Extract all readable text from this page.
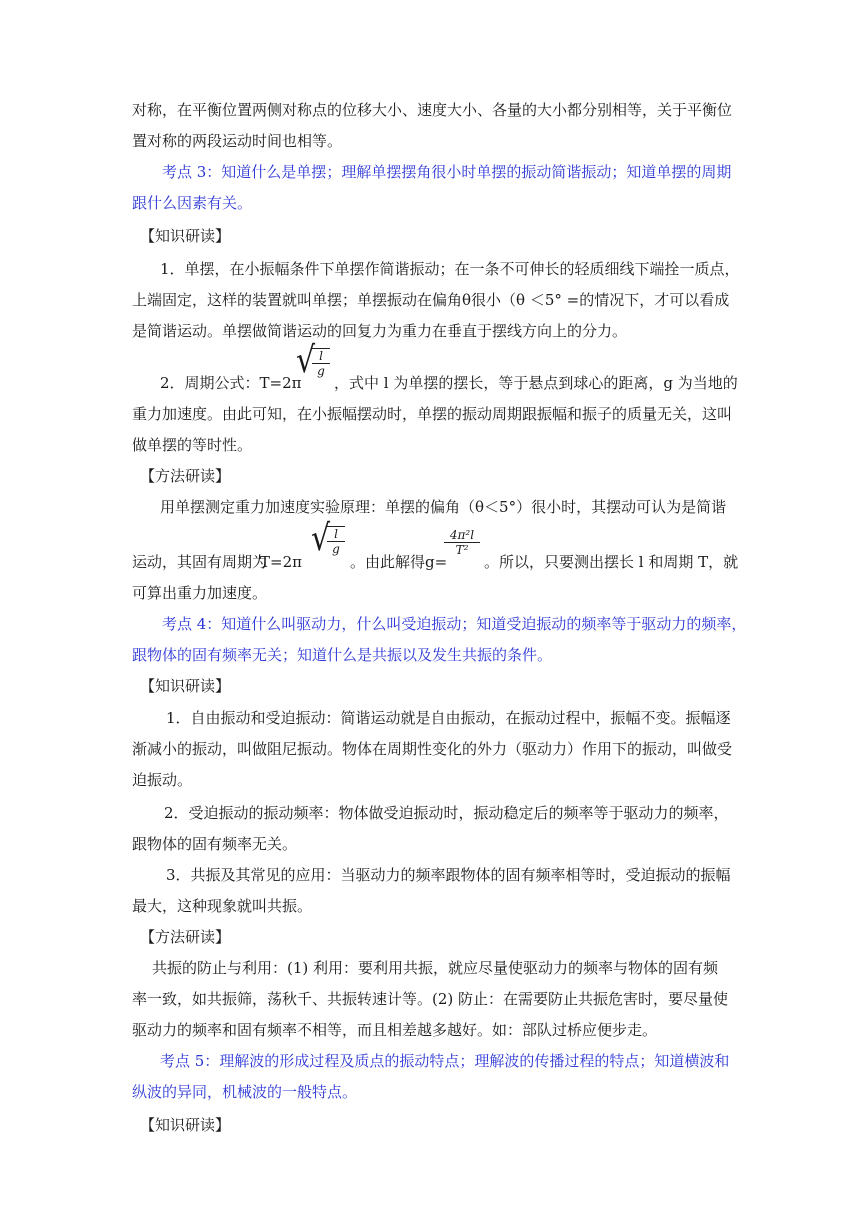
对称，在平衡位置两侧对称点的位移大小、速度大小、各量的大小都分别相等，关于平衡位
置对称的两段运动时间也相等。
考点 3：知道什么是单摆；理解单摆摆角很小时单摆的振动简谐振动；知道单摆的周期
跟什么因素有关。
【知识研读】
1．单摆，在小振幅条件下单摆作简谐振动；在一条不可伸长的轻质细线下端拴一质点，
上端固定，这样的装置就叫单摆；单摆振动在偏角θ很小（θ ＜5° =的情况下，才可以看成
是简谐运动。单摆做简谐运动的回复力为重力在垂直于摆线方向上的分力。
2．周期公式：T=2π
√
$\frac{l}{g}$
，式中 l 为单摆的摆长，等于悬点到球心的距离，g 为当地的
重力加速度。由此可知，在小振幅摆动时，单摆的振动周期跟振幅和振子的质量无关，这叫
做单摆的等时性。
【方法研读】
用单摆测定重力加速度实验原理：单摆的偏角（θ＜5°）很小时，其摆动可认为是简谐
运动，其固有周期为
T=2π
√
$\frac{l}{g}$
。由此解得 g=
$\frac{\text{4π²l}}{\text{T²}}$
。所以，只要测出摆长 l 和周期 T，就
可算出重力加速度。
考点 4：知道什么叫驱动力，什么叫受迫振动；知道受迫振动的频率等于驱动力的频率，
跟物体的固有频率无关；知道什么是共振以及发生共振的条件。
【知识研读】
1．自由振动和受迫振动：简谐运动就是自由振动，在振动过程中，振幅不变。振幅逐
渐减小的振动，叫做阻尼振动。物体在周期性变化的外力（驱动力）作用下的振动，叫做受
迫振动。
2．受迫振动的振动频率：物体做受迫振动时，振动稳定后的频率等于驱动力的频率，
跟物体的固有频率无关。
3．共振及其常见的应用：当驱动力的频率跟物体的固有频率相等时，受迫振动的振幅
最大，这种现象就叫共振。
【方法研读】
共振的防止与利用：(1) 利用：要利用共振，就应尽量使驱动力的频率与物体的固有频
率一致，如共振筛，荡秋千、共振转速计等。(2) 防止：在需要防止共振危害时，要尽量使
驱动力的频率和固有频率不相等，而且相差越多越好。如：部队过桥应便步走。
考点 5：理解波的形成过程及质点的振动特点；理解波的传播过程的特点；知道横波和
纵波的异同，机械波的一般特点。
【知识研读】
